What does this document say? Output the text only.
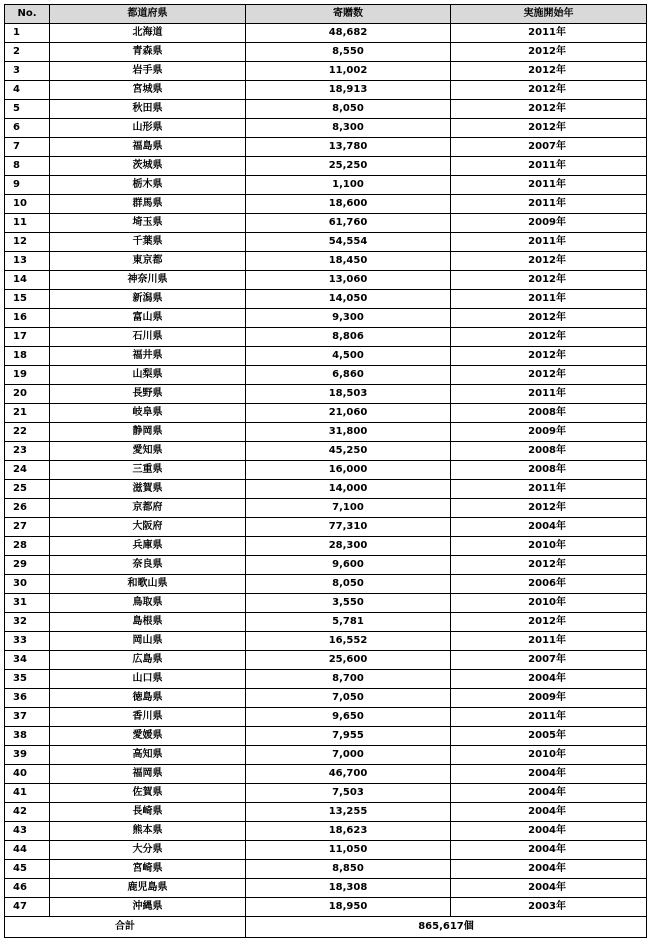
No.	都道府県	寄贈数	実施開始年
1	北海道	48,682	2011年
2	青森県	8,550	2012年
3	岩手県	11,002	2012年
4	宮城県	18,913	2012年
5	秋田県	8,050	2012年
6	山形県	8,300	2012年
7	福島県	13,780	2007年
8	茨城県	25,250	2011年
9	栃木県	1,100	2011年
10	群馬県	18,600	2011年
11	埼玉県	61,760	2009年
12	千葉県	54,554	2011年
13	東京都	18,450	2012年
14	神奈川県	13,060	2012年
15	新潟県	14,050	2011年
16	富山県	9,300	2012年
17	石川県	8,806	2012年
18	福井県	4,500	2012年
19	山梨県	6,860	2012年
20	長野県	18,503	2011年
21	岐阜県	21,060	2008年
22	静岡県	31,800	2009年
23	愛知県	45,250	2008年
24	三重県	16,000	2008年
25	滋賀県	14,000	2011年
26	京都府	7,100	2012年
27	大阪府	77,310	2004年
28	兵庫県	28,300	2010年
29	奈良県	9,600	2012年
30	和歌山県	8,050	2006年
31	鳥取県	3,550	2010年
32	島根県	5,781	2012年
33	岡山県	16,552	2011年
34	広島県	25,600	2007年
35	山口県	8,700	2004年
36	徳島県	7,050	2009年
37	香川県	9,650	2011年
38	愛媛県	7,955	2005年
39	高知県	7,000	2010年
40	福岡県	46,700	2004年
41	佐賀県	7,503	2004年
42	長崎県	13,255	2004年
43	熊本県	18,623	2004年
44	大分県	11,050	2004年
45	宮崎県	8,850	2004年
46	鹿児島県	18,308	2004年
47	沖縄県	18,950	2003年
合計		865,617個	
